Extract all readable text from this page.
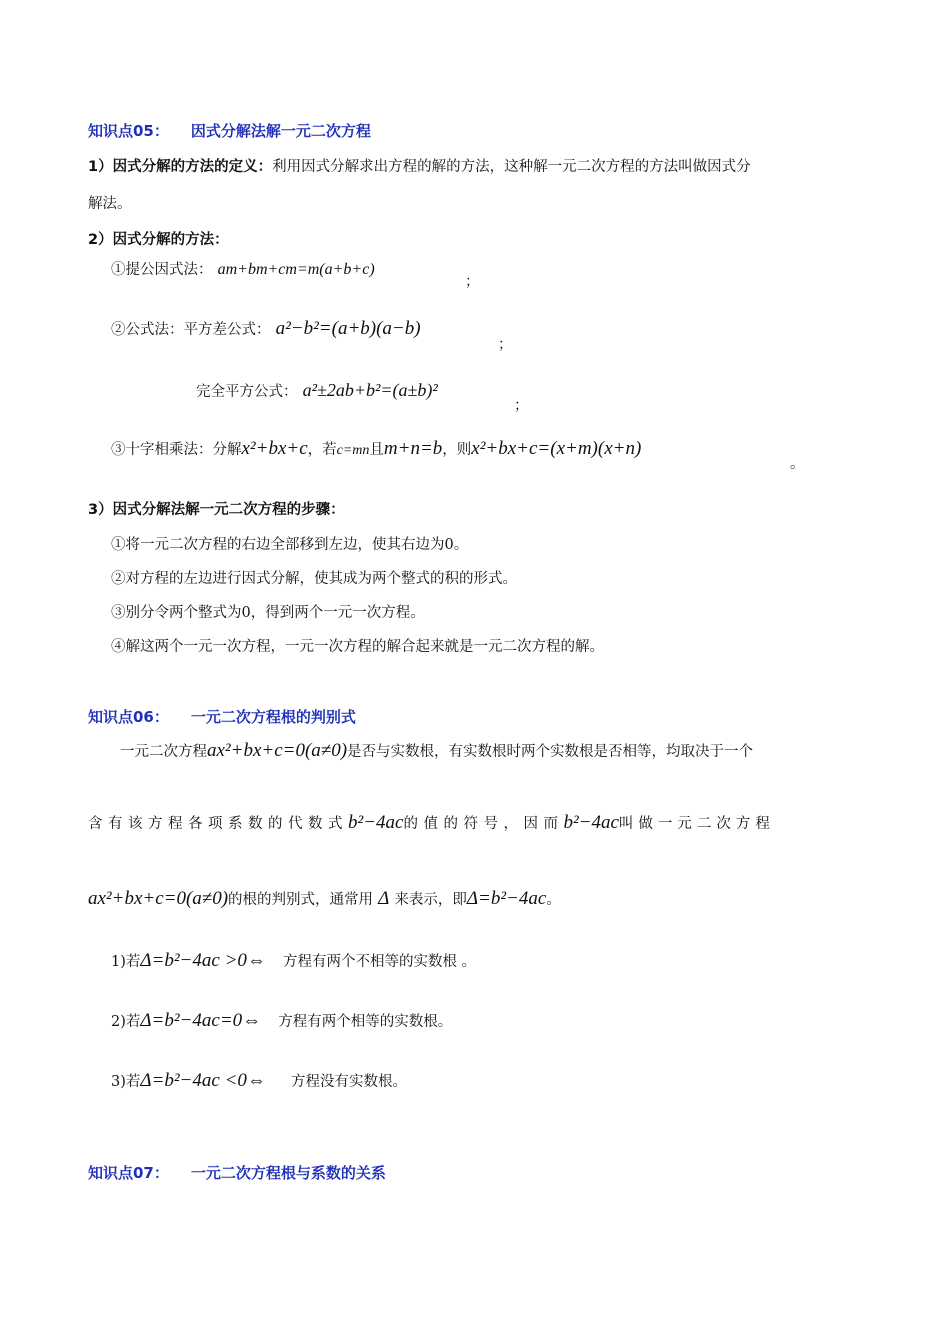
知识点05： 因式分解法解一元二次方程
1）因式分解的方法的定义：利用因式分解求出方程的解的方法，这种解一元二次方程的方法叫做因式分
解法。
2）因式分解的方法：
①提公因式法： am+bm+cm=m(a+b+c)
；
②公式法：平方差公式： a²−b²=(a+b)(a−b)
；
完全平方公式： a²±2ab+b²=(a±b)²
；
③十字相乘法：分解x²+bx+c，若c=mn且m+n=b，则x²+bx+c=(x+m)(x+n)
。
3）因式分解法解一元二次方程的步骤：
①将一元二次方程的右边全部移到左边，使其右边为0。
②对方程的左边进行因式分解，使其成为两个整式的积的形式。
③别分令两个整式为0，得到两个一元一次方程。
④解这两个一元一次方程，一元一次方程的解合起来就是一元二次方程的解。
知识点06： 一元二次方程根的判别式
一元二次方程ax²+bx+c=0(a≠0)是否与实数根，有实数根时两个实数根是否相等，均取决于一个
含有该方程各项系数的代数式b²−4ac的值的符号，因而b²−4ac叫做一元二次方程
ax²+bx+c=0(a≠0)的根的判别式，通常用 Δ 来表示，即Δ=b²−4ac。
1)若Δ=b²−4ac >0⇔ 方程有两个不相等的实数根 。
2)若Δ=b²−4ac=0⇔ 方程有两个相等的实数根。
3)若Δ=b²−4ac <0⇔ 方程没有实数根。
知识点07： 一元二次方程根与系数的关系
